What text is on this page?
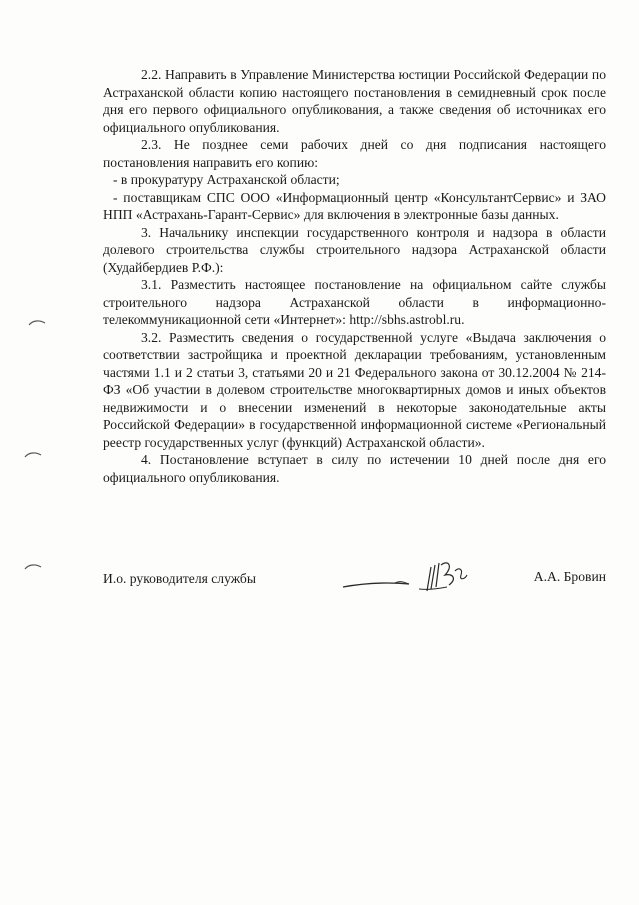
2.2. Направить в Управление Министерства юстиции Российской Федерации по Астраханской области копию настоящего постановления в семидневный срок после дня его первого официального опубликования, а также сведения об источниках его официального опубликования.

2.3. Не позднее семи рабочих дней со дня подписания настоящего постановления направить его копию:

- в прокуратуру Астраханской области;

- поставщикам СПС ООО «Информационный центр «КонсультантСервис» и ЗАО НПП «Астрахань-Гарант-Сервис» для включения в электронные базы данных.

3. Начальнику инспекции государственного контроля и надзора в области долевого строительства службы строительного надзора Астраханской области (Худайбердиев Р.Ф.):

3.1. Разместить настоящее постановление на официальном сайте службы строительного надзора Астраханской области в информационно-телекоммуникационной сети «Интернет»: http://sbhs.astrobl.ru.

3.2. Разместить сведения о государственной услуге «Выдача заключения о соответствии застройщика и проектной декларации требованиям, установленным частями 1.1 и 2 статьи 3, статьями 20 и 21 Федерального закона от 30.12.2004 № 214-ФЗ «Об участии в долевом строительстве многоквартирных домов и иных объектов недвижимости и о внесении изменений в некоторые законодательные акты Российской Федерации» в государственной информационной системе «Региональный реестр государственных услуг (функций) Астраханской области».

4. Постановление вступает в силу по истечении 10 дней после дня его официального опубликования.

И.о. руководителя службы	А.А. Бровин
